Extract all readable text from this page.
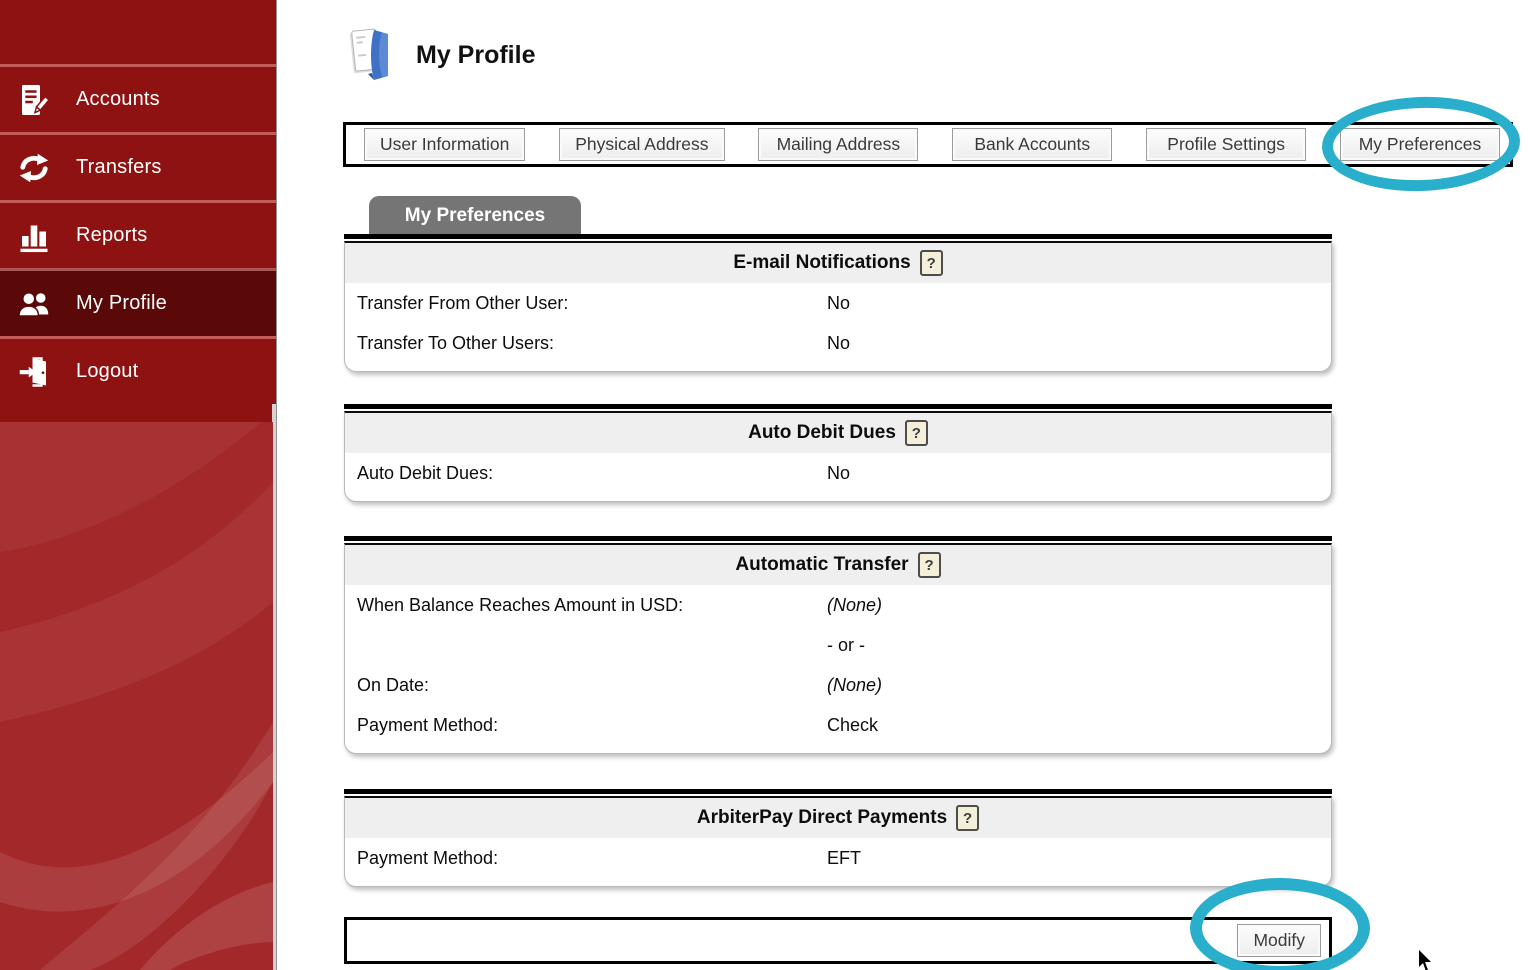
Accounts
Transfers
Reports
My Profile
Logout
My Profile
User Information	Physical Address	Mailing Address	Bank Accounts	Profile Settings	My Preferences
My Preferences
E-mail Notifications	?
Transfer From Other User:	No
Transfer To Other Users:	No
Auto Debit Dues	?
Auto Debit Dues:	No
Automatic Transfer	?
When Balance Reaches Amount in USD:	(None)
- or -
On Date:	(None)
Payment Method:	Check
ArbiterPay Direct Payments	?
Payment Method:	EFT
Modify
